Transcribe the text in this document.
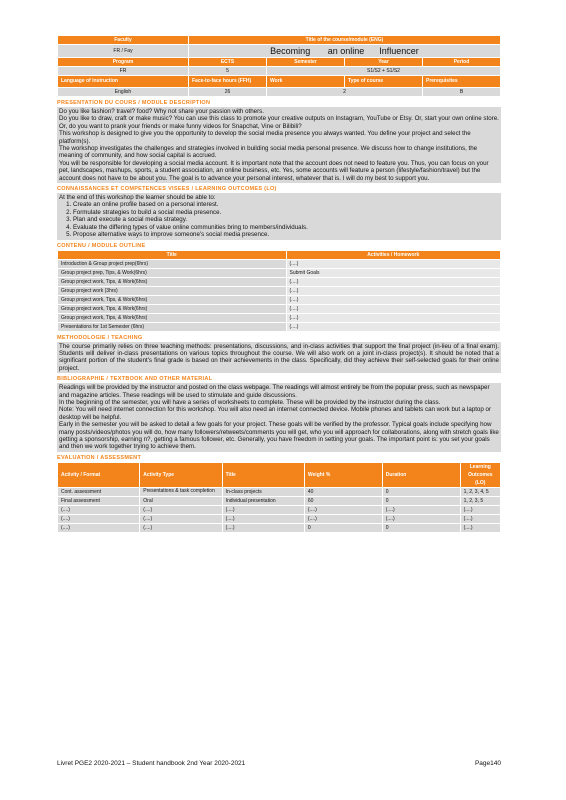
Faculty	Title of the course/module (ENG)			
FR / Fay	Becoming an online Influencer			
Program	ECTS	Semester	Year	Period
FR	5	S1/S2 + S1/S2		
Language of instruction	Face-to-face hours (FFH)	Work	Type of course	Prerequisites
English	26	2		B
PRESENTATION DU COURS / MODULE DESCRIPTION

Do you like fashion? travel? food? Why not share your passion with others.

Do you like to draw, craft or make music? You can use this class to promote your creative outputs on Instagram, YouTube or Etsy. Or, start your own online store.

Or, do you want to prank your friends or make funny videos for Snapchat, Vine or Bilibili?

This workshop is designed to give you the opportunity to develop the social media presence you always wanted. You define your project and select the platform(s).

The workshop investigates the challenges and strategies involved in building social media personal presence. We discuss how to change institutions, the meaning of community, and how social capital is accrued.

You will be responsible for developing a social media account. It is important note that the account does not need to feature you. Thus, you can focus on your pet, landscapes, mashups, sports, a student association, an online business, etc. Yes, some accounts will feature a person (lifestyle/fashion/travel) but the account does not have to be about you. The goal is to advance your personal interest, whatever that is. I will do my best to support you.

CONNAISSANCES ET COMPETENCES VISEES / LEARNING OUTCOMES (LO)

At the end of this workshop the learner should be able to:

1. Create an online profile based on a personal interest.
2. Formulate strategies to build a social media presence.
3. Plan and execute a social media strategy.
4. Evaluate the differing types of value online communities bring to members/individuals.
5. Propose alternative ways to improve someone's social media presence.
CONTENU / MODULE OUTLINE
Title	Activities / Homework
Introduction & Group project prep(6hrs)	(....)
Group project prep, Tips, & Work(6hrs)	Submit Goals
Group project work, Tips, & Work(6hrs)	(....)
Group project work (3hrs)	(....)
Group project work, Tips, & Work(6hrs)	(....)
Group project work, Tips, & Work(6hrs)	(....)
Group project work, Tips, & Work(6hrs)	(....)
Presentations for 1st Semester (6hrs)	(....)
METHODOLOGIE / TEACHING

The course primarily relies on three teaching methods: presentations, discussions, and in-class activities that support the final project (in-lieu of a final exam). Students will deliver in-class presentations on various topics throughout the course. We will also work on a joint in-class project(s). It should be noted that a significant portion of the student's final grade is based on their achievements in the class. Specifically, did they achieve their self-selected goals for their online project.

BIBLIOGRAPHIE / TEXTBOOK AND OTHER MATERIAL

Readings will be provided by the instructor and posted on the class webpage. The readings will almost entirely be from the popular press, such as newspaper and magazine articles. These readings will be used to stimulate and guide discussions.

In the beginning of the semester, you will have a series of worksheets to complete. These will be provided by the instructor during the class.

Note: You will need internet connection for this workshop. You will also need an internet connected device. Mobile phones and tablets can work but a laptop or desktop will be helpful.

Early in the semester you will be asked to detail a few goals for your project. These goals will be verified by the professor. Typical goals include specifying how many posts/videos/photos you will do, how many followers/retweets/comments you will get, who you will approach for collaborations, along with stretch goals like getting a sponsorship, earning n?, getting a famous follower, etc. Generally, you have freedom in setting your goals. The important point is: you set your goals and then we work together trying to achieve them.

EVALUATION / ASSESSMENT
Activity / Format	Activity Type	Title	Weight %	Duration	Learning Outcomes (LO)
Cont. assessment	Presentations & task completion	In-class projects	40	0	1, 2, 3, 4, 5
Final assessment	Oral	Individual presentation	60	0	1, 2, 3, 5
(....)	(....)	(....)	(....)	(....)	(....)
(....)	(....)	(....)	(....)	(....)	(....)
(....)	(....)	(....)	0	0	(....)
Livret PGE2 2020-2021 – Student handbook 2nd Year 2020-2021	Page140
